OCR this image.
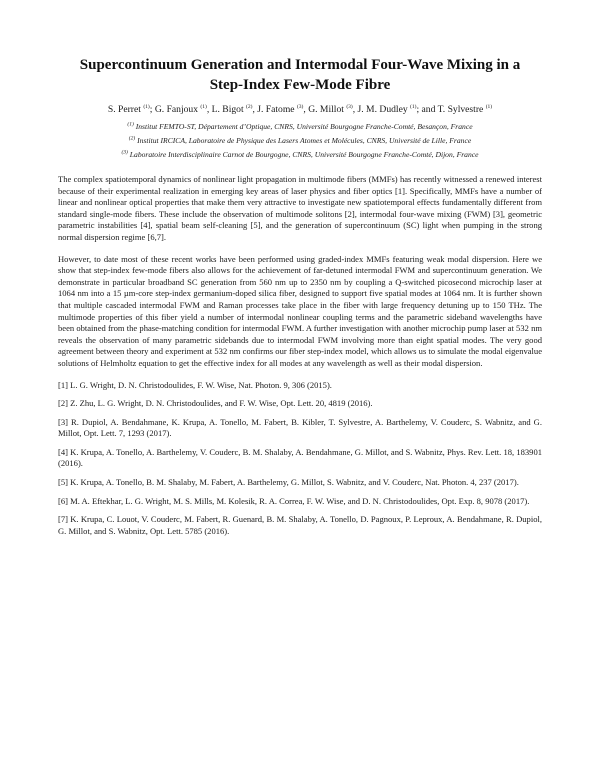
Supercontinuum Generation and Intermodal Four-Wave Mixing in a
Step-Index Few-Mode Fibre
S. Perret $^{(1)}$; G. Fanjoux $^{(1)}$, L. Bigot $^{(2)}$, J. Fatome $^{(3)}$, G. Millot $^{(3)}$, J. M. Dudley $^{(1)}$; and T. Sylvestre $^{(1)}$
$^{(1)}$ Institut FEMTO-ST, Département d’Optique, CNRS, Université Bourgogne Franche-Comté, Besançon, France
$^{(2)}$ Institut IRCICA, Laboratoire de Physique des Lasers Atomes et Molécules, CNRS, Université de Lille, France
$^{(3)}$ Laboratoire Interdisciplinaire Carnot de Bourgogne, CNRS, Université Bourgogne Franche-Comté, Dijon, France

The complex spatiotemporal dynamics of nonlinear light propagation in multimode fibers (MMFs) has recently witnessed a renewed interest because of their experimental realization in emerging key areas of laser physics and fiber optics [1]. Specifically, MMFs have a number of linear and nonlinear optical properties that make them very attractive to investigate new spatiotemporal effects fundamentally different from standard single-mode fibers. These include the observation of multimode solitons [2], intermodal four-wave mixing (FWM) [3], geometric parametric instabilities [4], spatial beam self-cleaning [5], and the generation of supercontinuum (SC) light when pumping in the strong normal dispersion regime [6,7].

However, to date most of these recent works have been performed using graded-index MMFs featuring weak modal dispersion. Here we show that step-index few-mode fibers also allows for the achievement of far-detuned intermodal FWM and supercontinuum generation. We demonstrate in particular broadband SC generation from 560 nm up to 2350 nm by coupling a Q-switched picosecond microchip laser at 1064 nm into a 15 µm-core step-index germanium-doped silica fiber, designed to support five spatial modes at 1064 nm. It is further shown that multiple cascaded intermodal FWM and Raman processes take place in the fiber with large frequency detuning up to 150 THz. The multimode properties of this fiber yield a number of intermodal nonlinear coupling terms and the parametric sideband wavelengths have been obtained from the phase-matching condition for intermodal FWM. A further investigation with another microchip pump laser at 532 nm reveals the observation of many parametric sidebands due to intermodal FWM involving more than eight spatial modes. The very good agreement between theory and experiment at 532 nm confirms our fiber step-index model, which allows us to simulate the modal eigenvalue solutions of Helmholtz equation to get the effective index for all modes at any wavelength as well as their modal dispersion.

[1] L. G. Wright, D. N. Christodoulides, F. W. Wise, Nat. Photon. 9, 306 (2015).

[2] Z. Zhu, L. G. Wright, D. N. Christodoulides, and F. W. Wise, Opt. Lett. 20, 4819 (2016).

[3] R. Dupiol, A. Bendahmane, K. Krupa, A. Tonello, M. Fabert, B. Kibler, T. Sylvestre, A. Barthelemy, V. Couderc, S. Wabnitz, and G. Millot, Opt. Lett. 7, 1293 (2017).

[4] K. Krupa, A. Tonello, A. Barthelemy, V. Couderc, B. M. Shalaby, A. Bendahmane, G. Millot, and S. Wabnitz, Phys. Rev. Lett. 18, 183901 (2016).

[5] K. Krupa, A. Tonello, B. M. Shalaby, M. Fabert, A. Barthelemy, G. Millot, S. Wabnitz, and V. Couderc, Nat. Photon. 4, 237 (2017).

[6] M. A. Eftekhar, L. G. Wright, M. S. Mills, M. Kolesik, R. A. Correa, F. W. Wise, and D. N. Christodoulides, Opt. Exp. 8, 9078 (2017).

[7] K. Krupa, C. Louot, V. Couderc, M. Fabert, R. Guenard, B. M. Shalaby, A. Tonello, D. Pagnoux, P. Leproux, A. Bendahmane, R. Dupiol, G. Millot, and S. Wabnitz, Opt. Lett. 5785 (2016).
